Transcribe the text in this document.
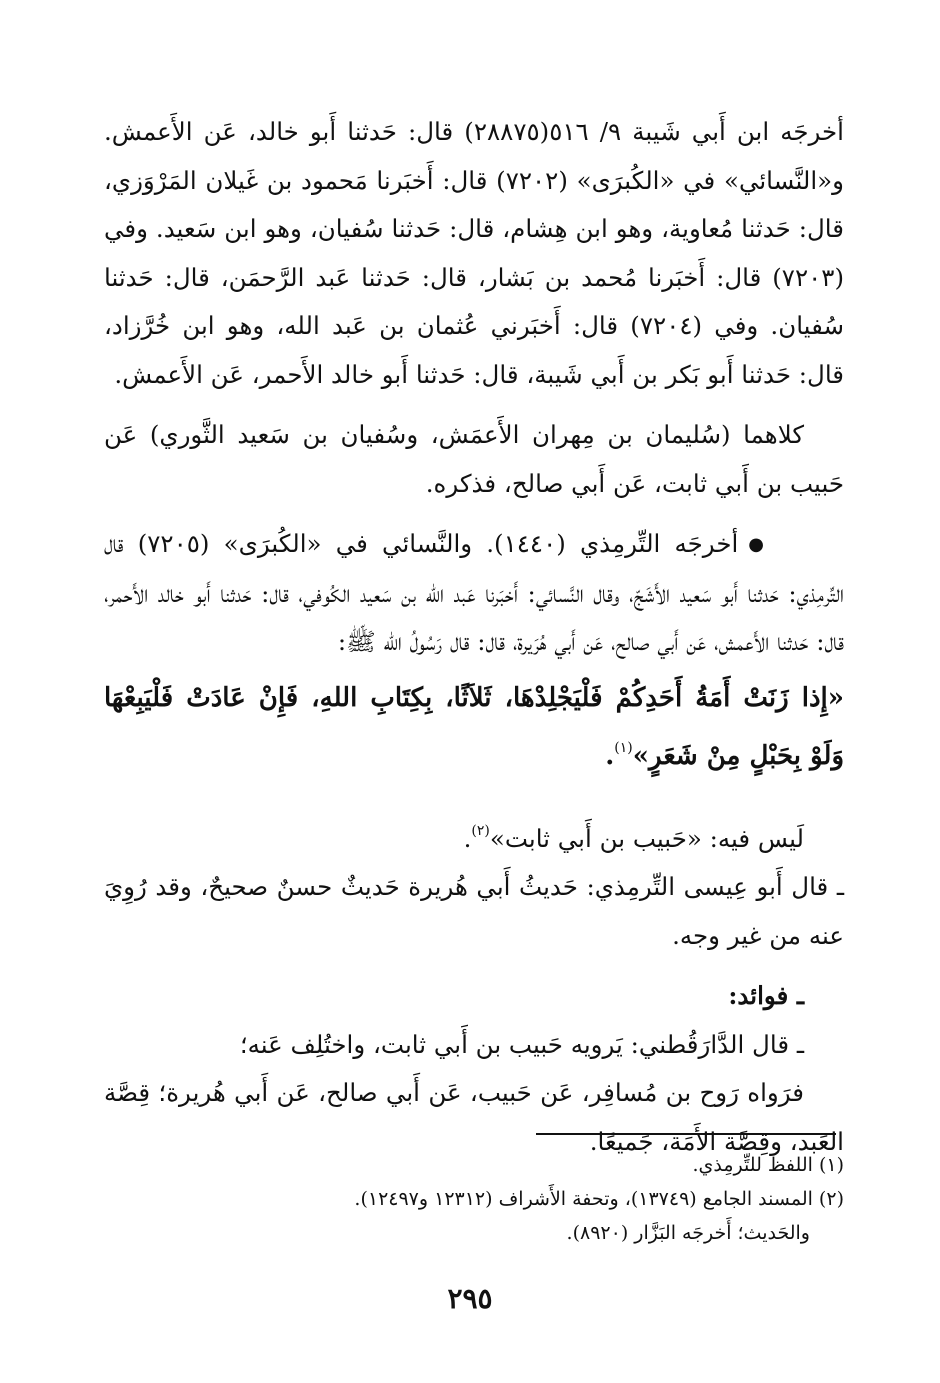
أخرجَه ابن أَبي شَيبة ٩/ ٥١٦(٢٨٨٧٥) قال: حَدثنا أَبو خالد، عَن الأَعمش. و«النَّسائي» في «الكُبرَى» (٧٢٠٢) قال: أَخبَرنا مَحمود بن غَيلان المَرْوَزي، قال: حَدثنا مُعاوية، وهو ابن هِشام، قال: حَدثنا سُفيان، وهو ابن سَعيد. وفي (٧٢٠٣) قال: أَخبَرنا مُحمد بن بَشار، قال: حَدثنا عَبد الرَّحمَن، قال: حَدثنا سُفيان. وفي (٧٢٠٤) قال: أَخبَرني عُثمان بن عَبد الله، وهو ابن خُرَّزاد، قال: حَدثنا أَبو بَكر بن أَبي شَيبة، قال: حَدثنا أَبو خالد الأَحمر، عَن الأَعمش.

كلاهما (سُليمان بن مِهران الأَعمَش، وسُفيان بن سَعيد الثَّوري) عَن حَبيب بن أَبي ثابت، عَن أَبي صالح، فذكره.

●أخرجَه التِّرمِذي (١٤٤٠). والنَّسائي في «الكُبرَى» (٧٢٠٥) قال التِّرمِذي: حَدثنا أَبو سَعيد الأَشَجّ، وقال النَّسائي: أَخبَرنا عَبد الله بن سَعيد الكُوفي، قال: حَدثنا أَبو خالد الأَحمر، قال: حَدثنا الأَعمش، عَن أَبي صالح، عَن أَبي هُرَيرة، قال: قال رَسُولُ الله ﷺ:

«إِذا زَنَتْ أَمَةُ أَحَدِكُمْ فَلْيَجْلِدْهَا، ثَلاَثًا، بِكِتَابِ اللهِ، فَإِنْ عَادَتْ فَلْيَبِعْهَا وَلَوْ بِحَبْلٍ مِنْ شَعَرٍ»$^{(١)}$.

لَيس فيه: «حَبيب بن أَبي ثابت»$^{(٢)}$.

ـ قال أَبو عِيسى التِّرمِذي: حَديثُ أَبي هُريرة حَديثٌ حسنٌ صحيحٌ، وقد رُوِيَ عنه من غير وجه.

ـ فوائد:

ـ قال الدَّارَقُطني: يَرويه حَبيب بن أَبي ثابت، واختُلِف عَنه؛

فرَواه رَوح بن مُسافِر، عَن حَبيب، عَن أَبي صالح، عَن أَبي هُريرة؛ قِصَّة العَبد، وقِصَّة الأَمَة، جَميعًا.

(١) اللفظ للتِّرمِذي.

(٢) المسند الجامع (١٣٧٤٩)، وتحفة الأَشراف (١٢٣١٢ و١٢٤٩٧).

والحَديث؛ أَخرجَه البَزَّار (٨٩٢٠).

٢٩٥
